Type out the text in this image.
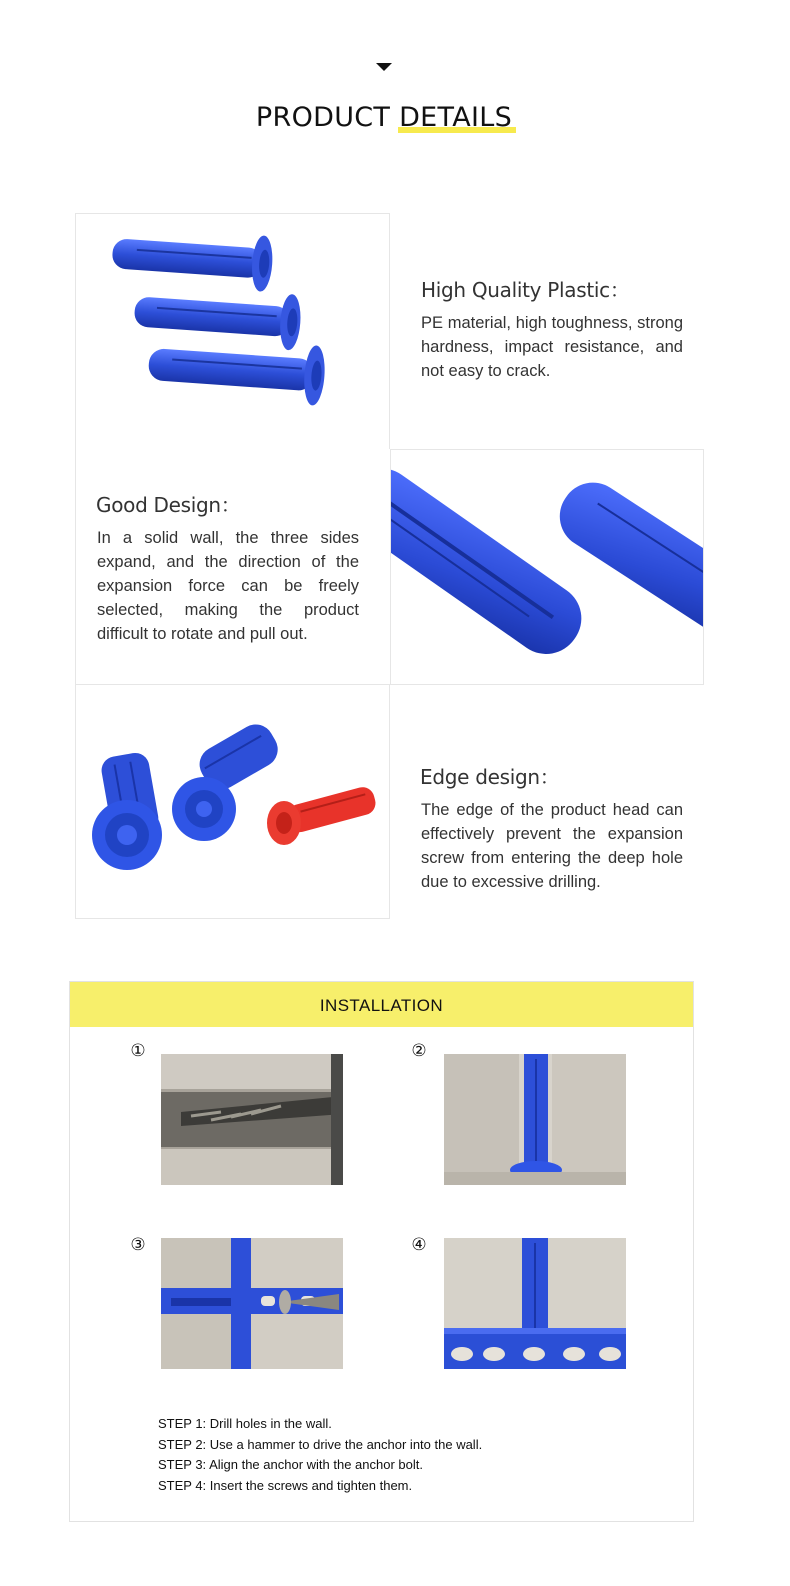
PRODUCT DETAILS
High Quality Plastic：
PE material, high toughness, strong hardness, impact resistance, and not easy to crack.
Good Design：
In a solid wall, the three sides expand, and the direction of the expansion force can be freely selected, making the product difficult to rotate and pull out.
Edge design：
The edge of the product head can effectively prevent the expansion screw from entering the deep hole due to excessive drilling.
INSTALLATION
①	②
③	④
STEP 1: Drill holes in the wall.
STEP 2: Use a hammer to drive the anchor into the wall.
STEP 3: Align the anchor with the anchor bolt.
STEP 4: Insert the screws and tighten them.
